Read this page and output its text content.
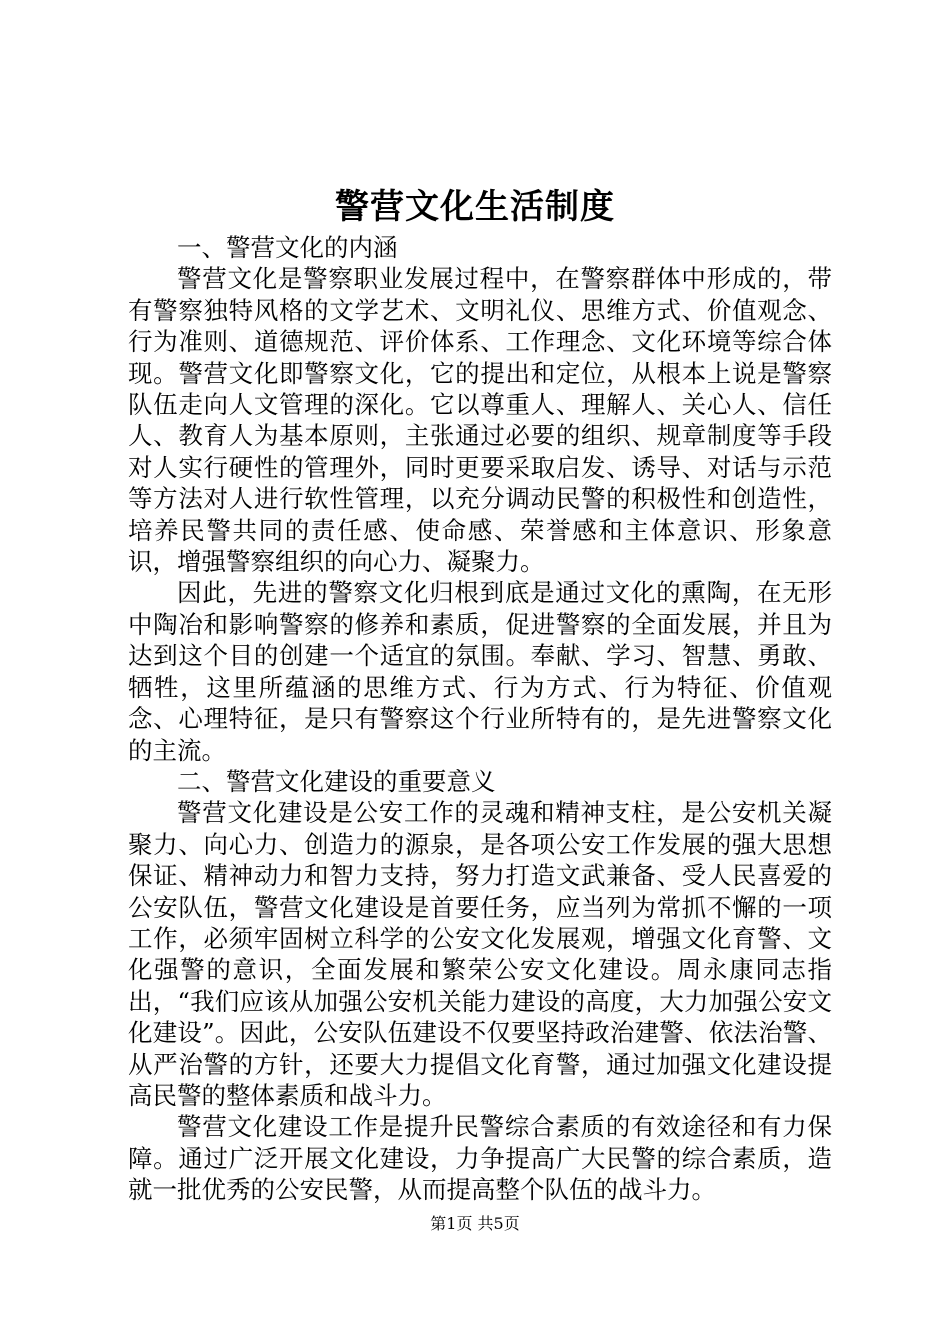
警营文化生活制度

一、警营文化的内涵

警营文化是警察职业发展过程中，在警察群体中形成的，带有警察独特风格的文学艺术、文明礼仪、思维方式、价值观念、行为准则、道德规范、评价体系、工作理念、文化环境等综合体现。警营文化即警察文化，它的提出和定位，从根本上说是警察队伍走向人文管理的深化。它以尊重人、理解人、关心人、信任人、教育人为基本原则，主张通过必要的组织、规章制度等手段对人实行硬性的管理外，同时更要采取启发、诱导、对话与示范等方法对人进行软性管理，以充分调动民警的积极性和创造性，培养民警共同的责任感、使命感、荣誉感和主体意识、形象意识，增强警察组织的向心力、凝聚力。

因此，先进的警察文化归根到底是通过文化的熏陶，在无形中陶冶和影响警察的修养和素质，促进警察的全面发展，并且为达到这个目的创建一个适宜的氛围。奉献、学习、智慧、勇敢、牺牲，这里所蕴涵的思维方式、行为方式、行为特征、价值观念、心理特征，是只有警察这个行业所特有的，是先进警察文化的主流。

二、警营文化建设的重要意义

警营文化建设是公安工作的灵魂和精神支柱，是公安机关凝聚力、向心力、创造力的源泉，是各项公安工作发展的强大思想保证、精神动力和智力支持，努力打造文武兼备、受人民喜爱的公安队伍，警营文化建设是首要任务，应当列为常抓不懈的一项工作，必须牢固树立科学的公安文化发展观，增强文化育警、文化强警的意识，全面发展和繁荣公安文化建设。周永康同志指出，“我们应该从加强公安机关能力建设的高度，大力加强公安文化建设”。因此，公安队伍建设不仅要坚持政治建警、依法治警、从严治警的方针，还要大力提倡文化育警，通过加强文化建设提高民警的整体素质和战斗力。

警营文化建设工作是提升民警综合素质的有效途径和有力保障。通过广泛开展文化建设，力争提高广大民警的综合素质，造就一批优秀的公安民警，从而提高整个队伍的战斗力。

第1页 共5页
